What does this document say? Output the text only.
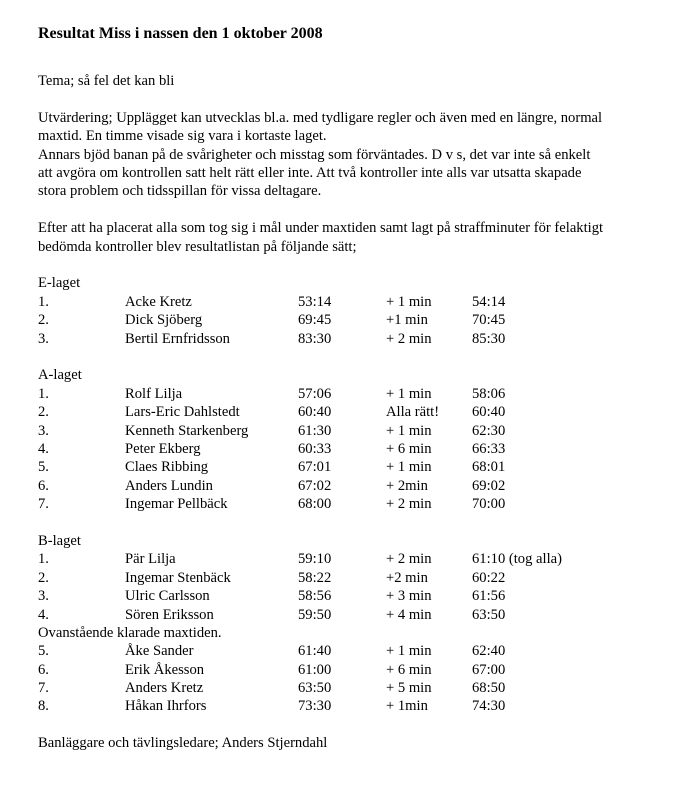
Resultat Miss i nassen den 1 oktober 2008

Tema; så fel det kan bli

Utvärdering; Upplägget kan utvecklas bl.a. med tydligare regler och även med en längre, normal

maxtid. En timme visade sig vara i kortaste laget.

Annars bjöd banan på de svårigheter och misstag som förväntades. D v s, det var inte så enkelt

att avgöra om kontrollen satt helt rätt eller inte. Att två kontroller inte alls var utsatta skapade

stora problem och tidsspillan för vissa deltagare.

Efter att ha placerat alla som tog sig i mål under maxtiden samt lagt på straffminuter för felaktigt

bedömda kontroller blev resultatlistan på följande sätt;

E-laget

1.	Acke Kretz	53:14	+ 1 min	54:14
2.	Dick Sjöberg	69:45	+1 min	70:45
3.	Bertil Ernfridsson	83:30	+ 2 min	85:30

A-laget

1.	Rolf Lilja	57:06	+ 1 min	58:06
2.	Lars-Eric Dahlstedt	60:40	Alla rätt! 60:40
3.	Kenneth Starkenberg	61:30	+ 1 min	62:30
4.	Peter Ekberg	60:33	+ 6 min	66:33
5.	Claes Ribbing	67:01	+ 1 min	68:01
6.	Anders Lundin	67:02	+ 2min	69:02
7.	Ingemar Pellbäck	68:00	+ 2 min	70:00

B-laget

1.	Pär Lilja	59:10	+ 2 min	61:10 (tog alla)
2.	Ingemar Stenbäck	58:22	+2 min	60:22
3.	Ulric Carlsson	58:56	+ 3 min	61:56
4.	Sören Eriksson	59:50	+ 4 min	63:50

Ovanstående klarade maxtiden.

5.	Åke Sander	61:40	+ 1 min	62:40
6.	Erik Åkesson	61:00	+ 6 min	67:00
7.	Anders Kretz	63:50	+ 5 min	68:50
8.	Håkan Ihrfors	73:30	+ 1min	74:30

Banläggare och tävlingsledare; Anders Stjerndahl
